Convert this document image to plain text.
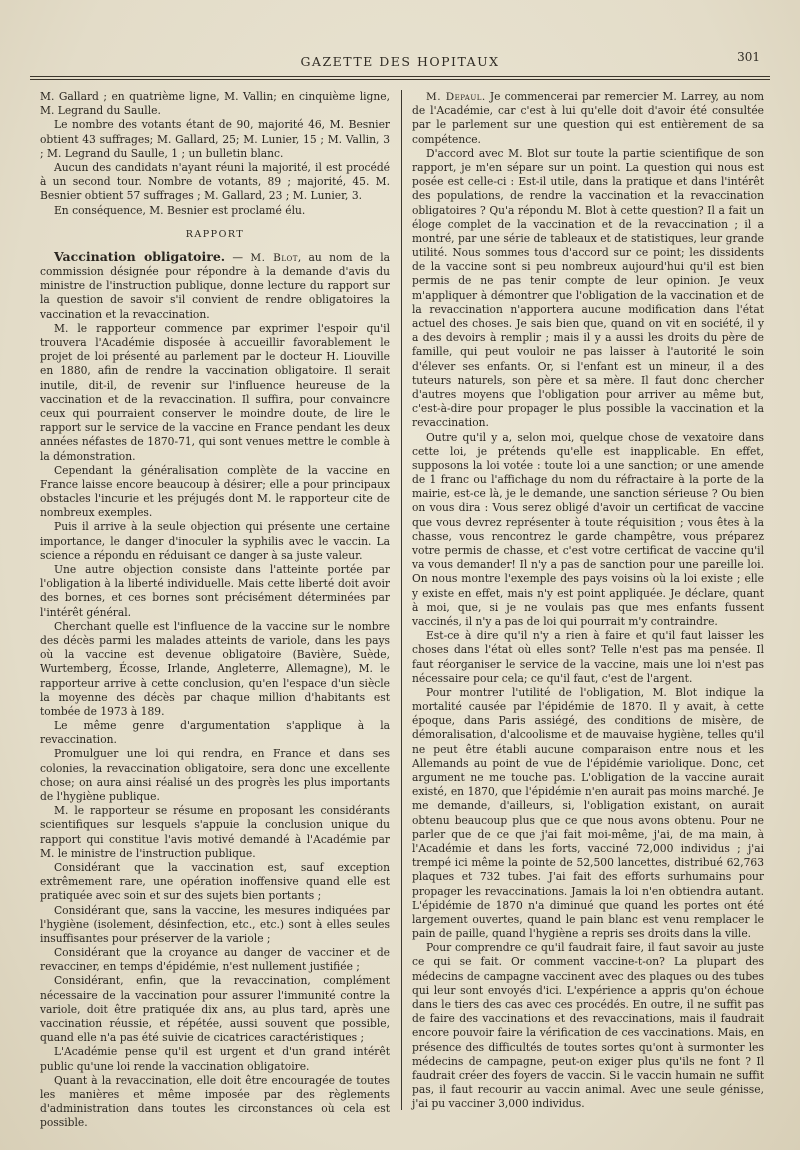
GAZETTE DES HOPITAUX	301

M. Gallard ; en quatrième ligne, M. Vallin; en cinquième ligne, M. Legrand du Saulle.

Le nombre des votants étant de 90, majorité 46, M. Besnier obtient 43 suffrages; M. Gallard, 25; M. Lunier, 15 ; M. Vallin, 3 ; M. Legrand du Saulle, 1 ; un bulletin blanc.

Aucun des candidats n'ayant réuni la majorité, il est procédé à un second tour. Nombre de votants, 89 ; majorité, 45. M. Besnier obtient 57 suffrages ; M. Gallard, 23 ; M. Lunier, 3.

En conséquence, M. Besnier est proclamé élu.

RAPPORT

Vaccination obligatoire. — M. Blot, au nom de la commission désignée pour répondre à la demande d'avis du ministre de l'instruction publique, donne lecture du rapport sur la question de savoir s'il convient de rendre obligatoires la vaccination et la revaccination.

M. le rapporteur commence par exprimer l'espoir qu'il trouvera l'Académie disposée à accueillir favorablement le projet de loi présenté au parlement par le docteur H. Liouville en 1880, afin de rendre la vaccination obligatoire. Il serait inutile, dit-il, de revenir sur l'influence heureuse de la vaccination et de la revaccination. Il suffira, pour convaincre ceux qui pourraient conserver le moindre doute, de lire le rapport sur le service de la vaccine en France pendant les deux années néfastes de 1870-71, qui sont venues mettre le comble à la démonstration.

Cependant la généralisation complète de la vaccine en France laisse encore beaucoup à désirer; elle a pour principaux obstacles l'incurie et les préjugés dont M. le rapporteur cite de nombreux exemples.

Puis il arrive à la seule objection qui présente une certaine importance, le danger d'inoculer la syphilis avec le vaccin. La science a répondu en réduisant ce danger à sa juste valeur.

Une autre objection consiste dans l'atteinte portée par l'obligation à la liberté individuelle. Mais cette liberté doit avoir des bornes, et ces bornes sont précisément déterminées par l'intérêt général.

Cherchant quelle est l'influence de la vaccine sur le nombre des décès parmi les malades atteints de variole, dans les pays où la vaccine est devenue obligatoire (Bavière, Suède, Wurtemberg, Écosse, Irlande, Angleterre, Allemagne), M. le rapporteur arrive à cette conclusion, qu'en l'espace d'un siècle la moyenne des décès par chaque million d'habitants est tombée de 1973 à 189.

Le même genre d'argumentation s'applique à la revaccination.

Promulguer une loi qui rendra, en France et dans ses colonies, la revaccination obligatoire, sera donc une excellente chose; on aura ainsi réalisé un des progrès les plus importants de l'hygiène publique.

M. le rapporteur se résume en proposant les considérants scientifiques sur lesquels s'appuie la conclusion unique du rapport qui constitue l'avis motivé demandé à l'Académie par M. le ministre de l'instruction publique.

Considérant que la vaccination est, sauf exception extrêmement rare, une opération inoffensive quand elle est pratiquée avec soin et sur des sujets bien portants ;

Considérant que, sans la vaccine, les mesures indiquées par l'hygiène (isolement, désinfection, etc., etc.) sont à elles seules insuffisantes pour préserver de la variole ;

Considérant que la croyance au danger de vacciner et de revacciner, en temps d'épidémie, n'est nullement justifiée ;

Considérant, enfin, que la revaccination, complément nécessaire de la vaccination pour assurer l'immunité contre la variole, doit être pratiquée dix ans, au plus tard, après une vaccination réussie, et répétée, aussi souvent que possible, quand elle n'a pas été suivie de cicatrices caractéristiques ;

L'Académie pense qu'il est urgent et d'un grand intérêt public qu'une loi rende la vaccination obligatoire.

Quant à la revaccination, elle doit être encouragée de toutes les manières et même imposée par des règlements d'administration dans toutes les circonstances où cela est possible.

M. Depaul. Je commencerai par remercier M. Larrey, au nom de l'Académie, car c'est à lui qu'elle doit d'avoir été consultée par le parlement sur une question qui est entièrement de sa compétence.

D'accord avec M. Blot sur toute la partie scientifique de son rapport, je m'en sépare sur un point. La question qui nous est posée est celle-ci : Est-il utile, dans la pratique et dans l'intérêt des populations, de rendre la vaccination et la revaccination obligatoires ? Qu'a répondu M. Blot à cette question? Il a fait un éloge complet de la vaccination et de la revaccination ; il a montré, par une série de tableaux et de statistiques, leur grande utilité. Nous sommes tous d'accord sur ce point; les dissidents de la vaccine sont si peu nombreux aujourd'hui qu'il est bien permis de ne pas tenir compte de leur opinion. Je veux m'appliquer à démontrer que l'obligation de la vaccination et de la revaccination n'apportera aucune modification dans l'état actuel des choses. Je sais bien que, quand on vit en société, il y a des devoirs à remplir ; mais il y a aussi les droits du père de famille, qui peut vouloir ne pas laisser à l'autorité le soin d'élever ses enfants. Or, si l'enfant est un mineur, il a des tuteurs naturels, son père et sa mère. Il faut donc chercher d'autres moyens que l'obligation pour arriver au même but, c'est-à-dire pour propager le plus possible la vaccination et la revaccination.

Outre qu'il y a, selon moi, quelque chose de vexatoire dans cette loi, je prétends qu'elle est inapplicable. En effet, supposons la loi votée : toute loi a une sanction; or une amende de 1 franc ou l'affichage du nom du réfractaire à la porte de la mairie, est-ce là, je le demande, une sanction sérieuse ? Ou bien on vous dira : Vous serez obligé d'avoir un certificat de vaccine que vous devrez représenter à toute réquisition ; vous êtes à la chasse, vous rencontrez le garde champêtre, vous préparez votre permis de chasse, et c'est votre certificat de vaccine qu'il va vous demander! Il n'y a pas de sanction pour une pareille loi. On nous montre l'exemple des pays voisins où la loi existe ; elle y existe en effet, mais n'y est point appliquée. Je déclare, quant à moi, que, si je ne voulais pas que mes enfants fussent vaccinés, il n'y a pas de loi qui pourrait m'y contraindre.

Est-ce à dire qu'il n'y a rien à faire et qu'il faut laisser les choses dans l'état où elles sont? Telle n'est pas ma pensée. Il faut réorganiser le service de la vaccine, mais une loi n'est pas nécessaire pour cela; ce qu'il faut, c'est de l'argent.

Pour montrer l'utilité de l'obligation, M. Blot indique la mortalité causée par l'épidémie de 1870. Il y avait, à cette époque, dans Paris assiégé, des conditions de misère, de démoralisation, d'alcoolisme et de mauvaise hygiène, telles qu'il ne peut être établi aucune comparaison entre nous et les Allemands au point de vue de l'épidémie variolique. Donc, cet argument ne me touche pas. L'obligation de la vaccine aurait existé, en 1870, que l'épidémie n'en aurait pas moins marché. Je me demande, d'ailleurs, si, l'obligation existant, on aurait obtenu beaucoup plus que ce que nous avons obtenu. Pour ne parler que de ce que j'ai fait moi-même, j'ai, de ma main, à l'Académie et dans les forts, vacciné 72,000 individus ; j'ai trempé ici même la pointe de 52,500 lancettes, distribué 62,763 plaques et 732 tubes. J'ai fait des efforts surhumains pour propager les revaccinations. Jamais la loi n'en obtiendra autant. L'épidémie de 1870 n'a diminué que quand les portes ont été largement ouvertes, quand le pain blanc est venu remplacer le pain de paille, quand l'hygiène a repris ses droits dans la ville.

Pour comprendre ce qu'il faudrait faire, il faut savoir au juste ce qui se fait. Or comment vaccine-t-on? La plupart des médecins de campagne vaccinent avec des plaques ou des tubes qui leur sont envoyés d'ici. L'expérience a appris qu'on échoue dans le tiers des cas avec ces procédés. En outre, il ne suffit pas de faire des vaccinations et des revaccinations, mais il faudrait encore pouvoir faire la vérification de ces vaccinations. Mais, en présence des difficultés de toutes sortes qu'ont à surmonter les médecins de campagne, peut-on exiger plus qu'ils ne font ? Il faudrait créer des foyers de vaccin. Si le vaccin humain ne suffit pas, il faut recourir au vaccin animal. Avec une seule génisse, j'ai pu vacciner 3,000 individus.
